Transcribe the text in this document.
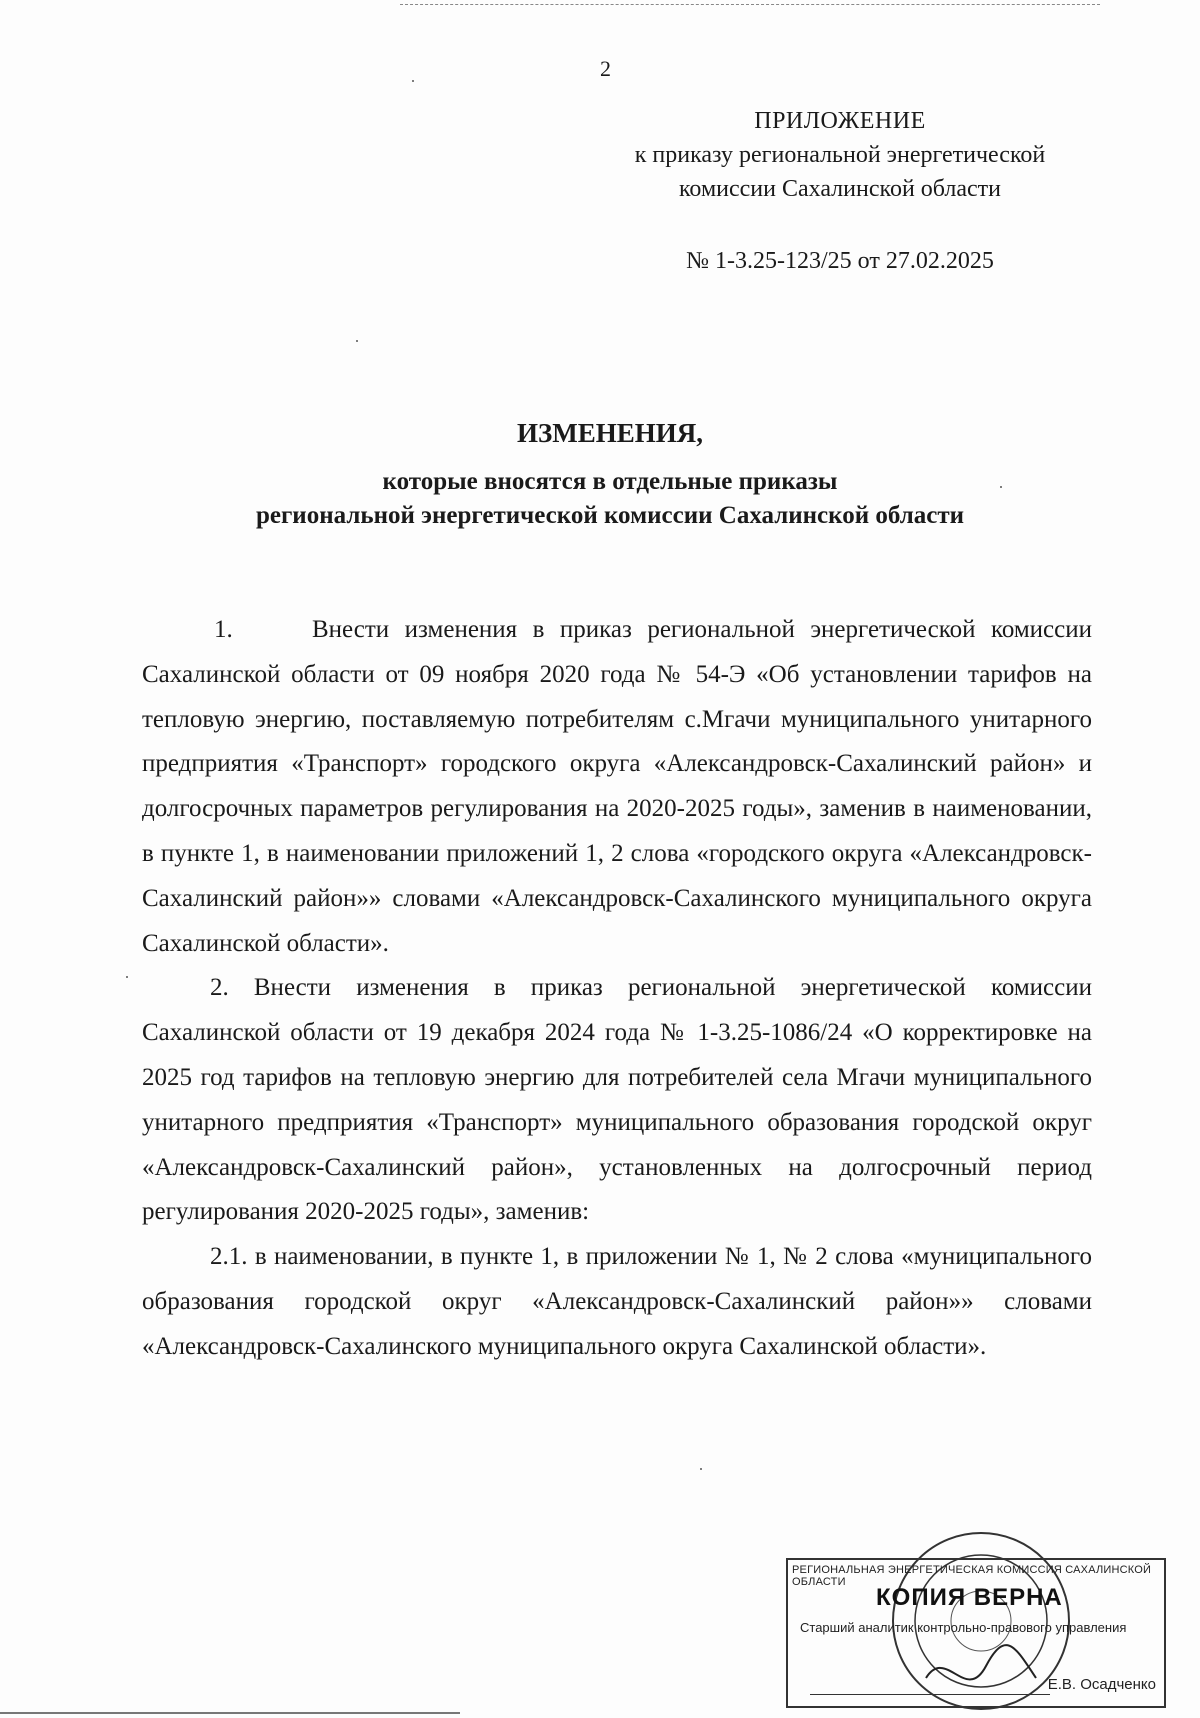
2
ПРИЛОЖЕНИЕ
к приказу региональной энергетической
комиссии Сахалинской области
№ 1-3.25-123/25 от 27.02.2025
ИЗМЕНЕНИЯ,
которые вносятся в отдельные приказы
региональной энергетической комиссии Сахалинской области

1.	Внести изменения в приказ региональной энергетической комиссии Сахалинской области от 09 ноября 2020 года № 54-Э «Об установлении тарифов на тепловую энергию, поставляемую потребителям с.Мгачи муниципального унитарного предприятия «Транспорт» городского округа «Александровск-Сахалинский район» и долгосрочных параметров регулирования на 2020-2025 годы», заменив в наименовании, в пункте 1, в наименовании приложений 1, 2 слова «городского округа «Александровск-Сахалинский район»» словами «Александровск-Сахалинского муниципального округа Сахалинской области».

2. Внести изменения в приказ региональной энергетической комиссии Сахалинской области от 19 декабря 2024 года № 1-3.25-1086/24 «О корректировке на 2025 год тарифов на тепловую энергию для потребителей села Мгачи муниципального унитарного предприятия «Транспорт» муниципального образования городской округ «Александровск-Сахалинский район», установленных на долгосрочный период регулирования 2020-2025 годы», заменив:

2.1. в наименовании, в пункте 1, в приложении № 1, № 2 слова «муниципального образования городской округ «Александровск-Сахалинский район»» словами «Александровск-Сахалинского муниципального округа Сахалинской области».

РЕГИОНАЛЬНАЯ ЭНЕРГЕТИЧЕСКАЯ КОМИССИЯ САХАЛИНСКОЙ ОБЛАСТИ
КОПИЯ ВЕРНА
Старший аналитик контрольно-правового управления
Е.В. Осадченко
